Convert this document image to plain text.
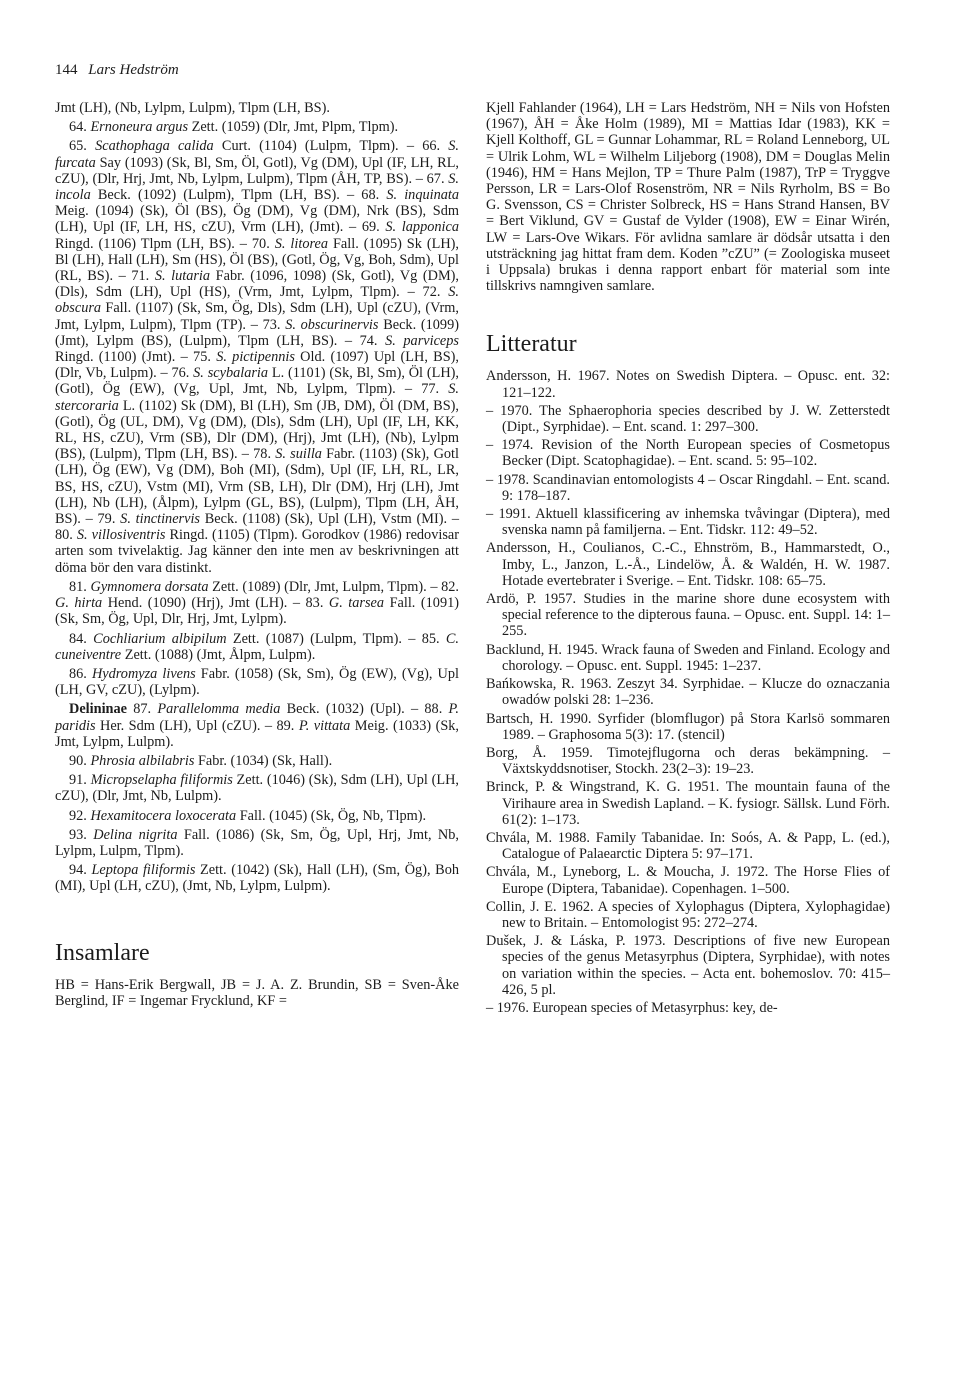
144 Lars Hedström

Jmt (LH), (Nb, Lylpm, Lulpm), Tlpm (LH, BS).

64. Ernoneura argus Zett. (1059) (Dlr, Jmt, Plpm, Tlpm).

65. Scathophaga calida Curt. (1104) (Lulpm, Tlpm). – 66. S. furcata Say (1093) (Sk, Bl, Sm, Öl, Gotl), Vg (DM), Upl (IF, LH, RL, cZU), (Dlr, Hrj, Jmt, Nb, Lylpm, Lulpm), Tlpm (ÅH, TP, BS). – 67. S. incola Beck. (1092) (Lulpm), Tlpm (LH, BS). – 68. S. inquinata Meig. (1094) (Sk), Öl (BS), Ög (DM), Vg (DM), Nrk (BS), Sdm (LH), Upl (IF, LH, HS, cZU), Vrm (LH), (Jmt). – 69. S. lapponica Ringd. (1106) Tlpm (LH, BS). – 70. S. litorea Fall. (1095) Sk (LH), Bl (LH), Hall (LH), Sm (HS), Öl (BS), (Gotl, Ög, Vg, Boh, Sdm), Upl (RL, BS). – 71. S. lutaria Fabr. (1096, 1098) (Sk, Gotl), Vg (DM), (Dls), Sdm (LH), Upl (HS), (Vrm, Jmt, Lylpm, Tlpm). – 72. S. obscura Fall. (1107) (Sk, Sm, Ög, Dls), Sdm (LH), Upl (cZU), (Vrm, Jmt, Lylpm, Lulpm), Tlpm (TP). – 73. S. obscurinervis Beck. (1099) (Jmt), Lylpm (BS), (Lulpm), Tlpm (LH, BS). – 74. S. parviceps Ringd. (1100) (Jmt). – 75. S. pictipennis Old. (1097) Upl (LH, BS),(Dlr, Vb, Lulpm). – 76. S. scybalaria L. (1101) (Sk, Bl, Sm), Öl (LH), (Gotl), Ög (EW), (Vg, Upl, Jmt, Nb, Lylpm, Tlpm). – 77. S. stercoraria L. (1102) Sk (DM), Bl (LH), Sm (JB, DM), Öl (DM, BS), (Gotl), Ög (UL, DM), Vg (DM), (Dls), Sdm (LH), Upl (IF, LH, KK, RL, HS, cZU), Vrm (SB), Dlr (DM), (Hrj), Jmt (LH), (Nb), Lylpm (BS), (Lulpm), Tlpm (LH, BS). – 78. S. suilla Fabr. (1103) (Sk), Gotl (LH), Ög (EW), Vg (DM), Boh (MI), (Sdm), Upl (IF, LH, RL, LR, BS, HS, cZU), Vstm (MI), Vrm (SB, LH), Dlr (DM), Hrj (LH), Jmt (LH), Nb (LH), (Ålpm), Lylpm (GL, BS), (Lulpm), Tlpm (LH, ÅH, BS). – 79. S. tinctinervis Beck. (1108) (Sk), Upl (LH), Vstm (MI). – 80. S. villosiventris Ringd. (1105) (Tlpm). Gorodkov (1986) redovisar arten som tvivelaktig. Jag känner den inte men av beskrivningen att döma bör den vara distinkt.

81. Gymnomera dorsata Zett. (1089) (Dlr, Jmt, Lulpm, Tlpm). – 82. G. hirta Hend. (1090) (Hrj), Jmt (LH). – 83. G. tarsea Fall. (1091) (Sk, Sm, Ög, Upl, Dlr, Hrj, Jmt, Lylpm).

84. Cochliarium albipilum Zett. (1087) (Lulpm, Tlpm). – 85. C. cuneiventre Zett. (1088) (Jmt, Ålpm, Lulpm).

86. Hydromyza livens Fabr. (1058) (Sk, Sm), Ög (EW), (Vg), Upl (LH, GV, cZU), (Lylpm).

Delininae 87. Parallelomma media Beck. (1032) (Upl). – 88. P. paridis Her. Sdm (LH), Upl (cZU). – 89. P. vittata Meig. (1033) (Sk, Jmt, Lylpm, Lulpm).

90. Phrosia albilabris Fabr. (1034) (Sk, Hall).

91. Micropselapha filiformis Zett. (1046) (Sk), Sdm (LH), Upl (LH, cZU), (Dlr, Jmt, Nb, Lulpm).

92. Hexamitocera loxocerata Fall. (1045) (Sk, Ög, Nb, Tlpm).

93. Delina nigrita Fall. (1086) (Sk, Sm, Ög, Upl, Hrj, Jmt, Nb, Lylpm, Lulpm, Tlpm).

94. Leptopa filiformis Zett. (1042) (Sk), Hall (LH), (Sm, Ög), Boh (MI), Upl (LH, cZU), (Jmt, Nb, Lylpm, Lulpm).

Insamlare

HB = Hans-Erik Bergwall, JB = J. A. Z. Brundin, SB = Sven-Åke Berglind, IF = Ingemar Frycklund, KF =

Kjell Fahlander (1964), LH = Lars Hedström, NH = Nils von Hofsten (1967), ÅH = Åke Holm (1989), MI = Mattias Idar (1983), KK = Kjell Kolthoff, GL = Gunnar Lohammar, RL = Roland Lenneborg, UL = Ulrik Lohm, WL = Wilhelm Liljeborg (1908), DM = Douglas Melin (1946), HM = Hans Mejlon, TP = Thure Palm (1987), TrP = Tryggve Persson, LR = Lars-Olof Rosenström, NR = Nils Ryrholm, BS = Bo G. Svensson, CS = Christer Solbreck, HS = Hans Strand Hansen, BV = Bert Viklund, GV = Gustaf de Vylder (1908), EW = Einar Wirén, LW = Lars-Ove Wikars. För avlidna samlare är dödsår utsatta i den utsträckning jag hittat fram dem. Koden ”cZU” (= Zoologiska museet i Uppsala) brukas i denna rapport enbart för material som inte tillskrivs namngiven samlare.

Litteratur

Andersson, H. 1967. Notes on Swedish Diptera. – Opusc. ent. 32: 121–122.

– 1970. The Sphaerophoria species described by J. W. Zetterstedt (Dipt., Syrphidae). – Ent. scand. 1: 297–300.

– 1974. Revision of the North European species of Cosmetopus Becker (Dipt. Scatophagidae). – Ent. scand. 5: 95–102.

– 1978. Scandinavian entomologists 4 – Oscar Ringdahl. – Ent. scand. 9: 178–187.

– 1991. Aktuell klassificering av inhemska tvåvingar (Diptera), med svenska namn på familjerna. – Ent. Tidskr. 112: 49–52.

Andersson, H., Coulianos, C.-C., Ehnström, B., Hammarstedt, O., Imby, L., Janzon, L.-Å., Lindelöw, Å. & Waldén, H. W. 1987. Hotade evertebrater i Sverige. – Ent. Tidskr. 108: 65–75.

Ardö, P. 1957. Studies in the marine shore dune ecosystem with special reference to the dipterous fauna. – Opusc. ent. Suppl. 14: 1–255.

Backlund, H. 1945. Wrack fauna of Sweden and Finland. Ecology and chorology. – Opusc. ent. Suppl. 1945: 1–237.

Bańkowska, R. 1963. Zeszyt 34. Syrphidae. – Klucze do oznaczania owadów polski 28: 1–236.

Bartsch, H. 1990. Syrfider (blomflugor) på Stora Karlsö sommaren 1989. – Graphosoma 5(3): 17. (stencil)

Borg, Å. 1959. Timotejflugorna och deras bekämpning. – Växtskyddsnotiser, Stockh. 23(2–3): 19–23.

Brinck, P. & Wingstrand, K. G. 1951. The mountain fauna of the Virihaure area in Swedish Lapland. – K. fysiogr. Sällsk. Lund Förh. 61(2): 1–173.

Chvála, M. 1988. Family Tabanidae. In: Soós, A. & Papp, L. (ed.), Catalogue of Palaearctic Diptera 5: 97–171.

Chvála, M., Lyneborg, L. & Moucha, J. 1972. The Horse Flies of Europe (Diptera, Tabanidae). Copenhagen. 1–500.

Collin, J. E. 1962. A species of Xylophagus (Diptera, Xylophagidae) new to Britain. – Entomologist 95: 272–274.

Dušek, J. & Láska, P. 1973. Descriptions of five new European species of the genus Metasyrphus (Diptera, Syrphidae), with notes on variation within the species. – Acta ent. bohemoslov. 70: 415–426, 5 pl.

– 1976. European species of Metasyrphus: key, de-
